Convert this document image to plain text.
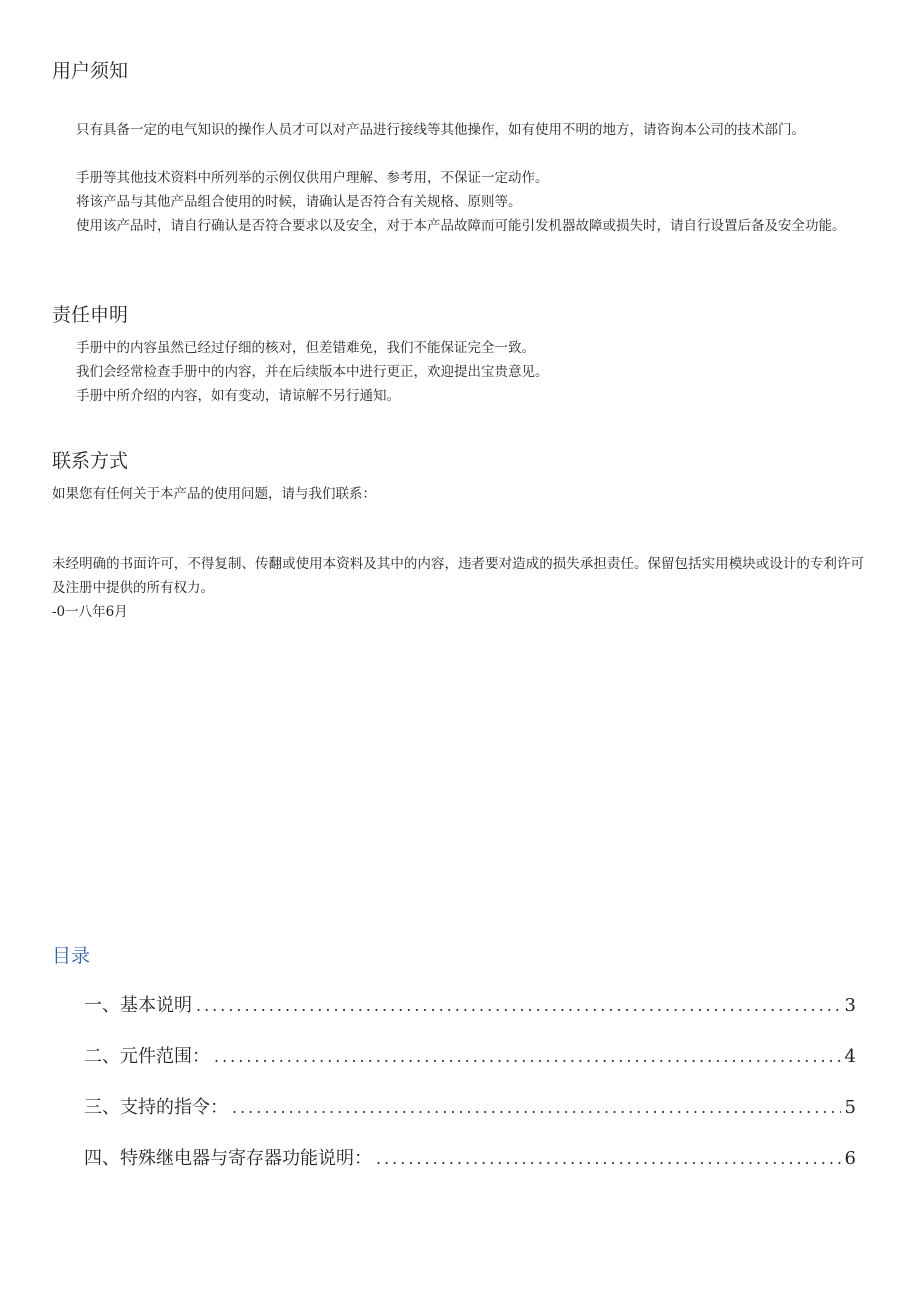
用户须知

只有具备一定的电气知识的操作人员才可以对产品进行接线等其他操作，如有使用不明的地方，请咨询本公司的技术部门。

手册等其他技术资料中所列举的示例仅供用户理解、参考用，不保证一定动作。

将该产品与其他产品组合使用的时候，请确认是否符合有关规格、原则等。

使用该产品时，请自行确认是否符合要求以及安全，对于本产品故障而可能引发机器故障或损失时，请自行设置后备及安全功能。

责任申明

手册中的内容虽然已经过仔细的核对，但差错难免，我们不能保证完全一致。

我们会经常检查手册中的内容，并在后续版本中进行更正，欢迎提出宝贵意见。

手册中所介绍的内容，如有变动，请谅解不另行通知。

联系方式

如果您有任何关于本产品的使用问题，请与我们联系：

未经明确的书面许可，不得复制、传翻或使用本资料及其中的内容，违者要对造成的损失承担责任。保留包括实用模块或设计的专利许可及注册中提供的所有权力。

-0一八年6月

目录
一、基本说明 .....	3
二、元件范围： .....	4
三、支持的指令： .....	5
四、特殊继电器与寄存器功能说明： .....	6
